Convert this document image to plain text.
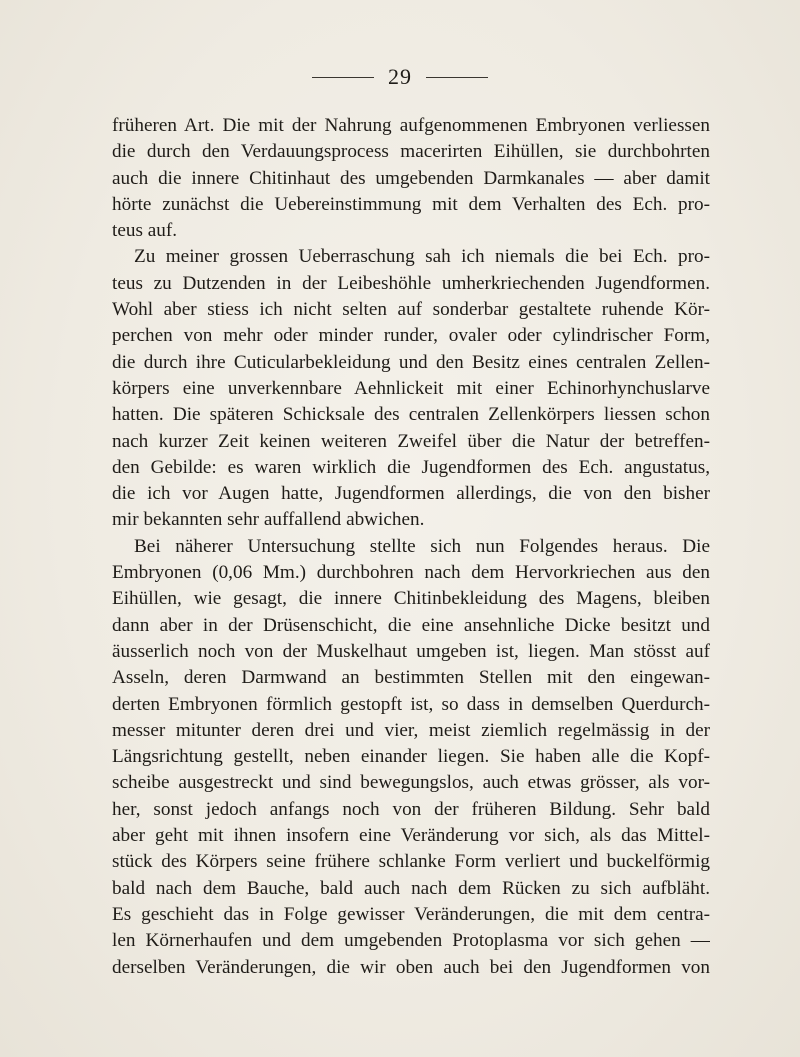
29
früheren Art. Die mit der Nahrung aufgenommenen Embryonen verliessen
die durch den Verdauungsprocess macerirten Eihüllen, sie durchbohrten
auch die innere Chitinhaut des umgebenden Darmkanales — aber damit
hörte zunächst die Uebereinstimmung mit dem Verhalten des Ech. pro-
teus auf.
Zu meiner grossen Ueberraschung sah ich niemals die bei Ech. pro-
teus zu Dutzenden in der Leibeshöhle umherkriechenden Jugendformen.
Wohl aber stiess ich nicht selten auf sonderbar gestaltete ruhende Kör-
perchen von mehr oder minder runder, ovaler oder cylindrischer Form,
die durch ihre Cuticularbekleidung und den Besitz eines centralen Zellen-
körpers eine unverkennbare Aehnlickeit mit einer Echinorhynchuslarve
hatten. Die späteren Schicksale des centralen Zellenkörpers liessen schon
nach kurzer Zeit keinen weiteren Zweifel über die Natur der betreffen-
den Gebilde: es waren wirklich die Jugendformen des Ech. angustatus,
die ich vor Augen hatte, Jugendformen allerdings, die von den bisher
mir bekannten sehr auffallend abwichen.
Bei näherer Untersuchung stellte sich nun Folgendes heraus. Die
Embryonen (0,06 Mm.) durchbohren nach dem Hervorkriechen aus den
Eihüllen, wie gesagt, die innere Chitinbekleidung des Magens, bleiben
dann aber in der Drüsenschicht, die eine ansehnliche Dicke besitzt und
äusserlich noch von der Muskelhaut umgeben ist, liegen. Man stösst auf
Asseln, deren Darmwand an bestimmten Stellen mit den eingewan-
derten Embryonen förmlich gestopft ist, so dass in demselben Querdurch-
messer mitunter deren drei und vier, meist ziemlich regelmässig in der
Längsrichtung gestellt, neben einander liegen. Sie haben alle die Kopf-
scheibe ausgestreckt und sind bewegungslos, auch etwas grösser, als vor-
her, sonst jedoch anfangs noch von der früheren Bildung. Sehr bald
aber geht mit ihnen insofern eine Veränderung vor sich, als das Mittel-
stück des Körpers seine frühere schlanke Form verliert und buckelförmig
bald nach dem Bauche, bald auch nach dem Rücken zu sich aufbläht.
Es geschieht das in Folge gewisser Veränderungen, die mit dem centra-
len Körnerhaufen und dem umgebenden Protoplasma vor sich gehen —
derselben Veränderungen, die wir oben auch bei den Jugendformen von
